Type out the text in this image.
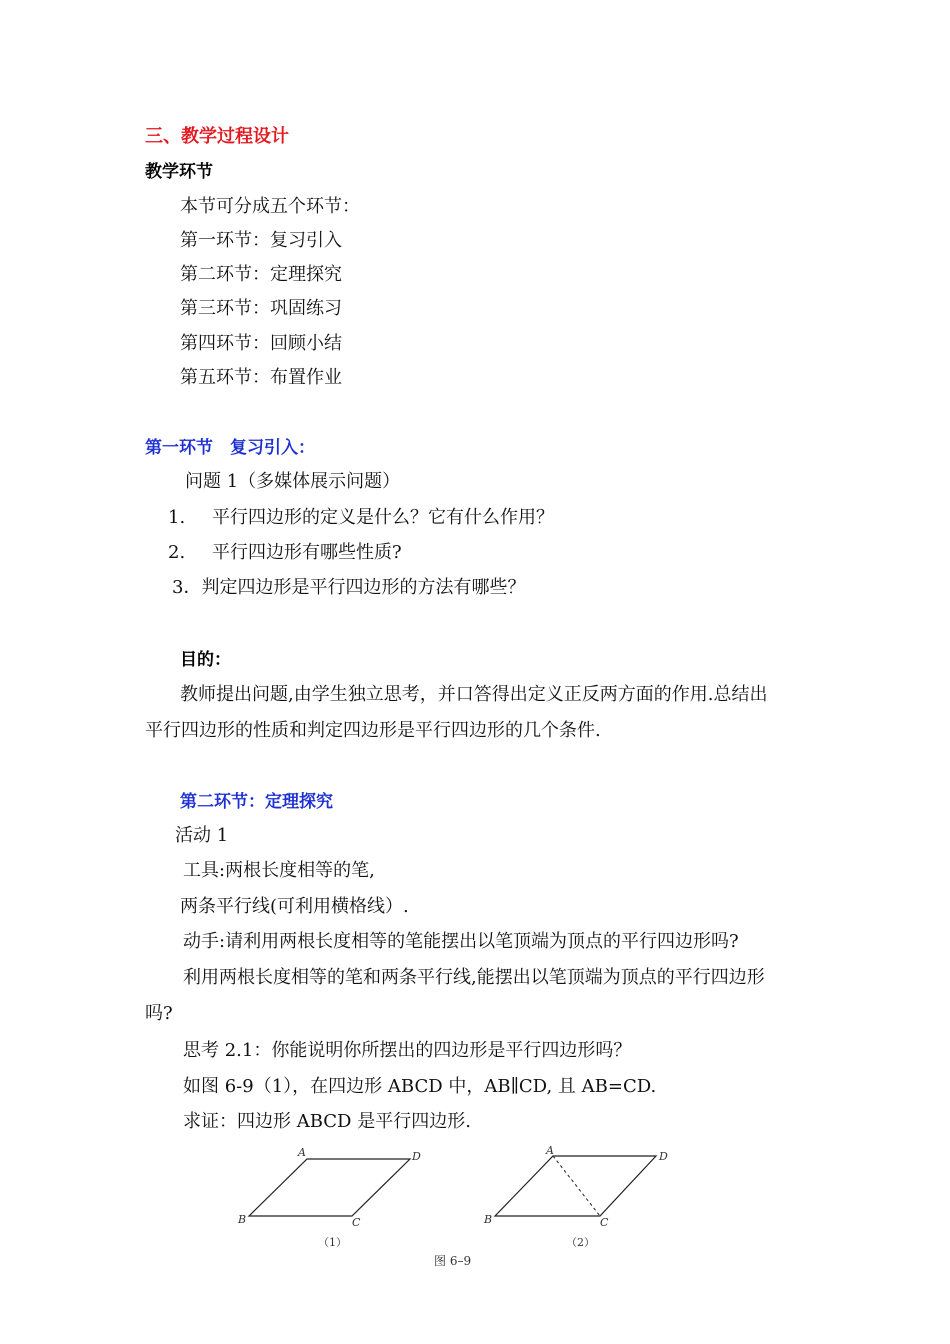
三、教学过程设计
教学环节
本节可分成五个环节：
第一环节：复习引入
第二环节：定理探究
第三环节：巩固练习
第四环节：回顾小结
第五环节：布置作业
第一环节　复习引入：
问题 1（多媒体展示问题）
1. 平行四边形的定义是什么？它有什么作用？
2. 平行四边形有哪些性质?
3．判定四边形是平行四边形的方法有哪些？
目的：
教师提出问题,由学生独立思考，并口答得出定义正反两方面的作用.总结出
平行四边形的性质和判定四边形是平行四边形的几个条件.
第二环节：定理探究
活动 1
工具:两根长度相等的笔,
两条平行线(可利用横格线）.
动手:请利用两根长度相等的笔能摆出以笔顶端为顶点的平行四边形吗?
利用两根长度相等的笔和两条平行线,能摆出以笔顶端为顶点的平行四边形
吗?
思考 2.1：你能说明你所摆出的四边形是平行四边形吗？
如图 6-9（1），在四边形 ABCD 中，AB∥CD, 且 AB=CD.
求证：四边形 ABCD 是平行四边形.
A	D
B	C
（1）
A	D
B	C
（2）
图 6–9
